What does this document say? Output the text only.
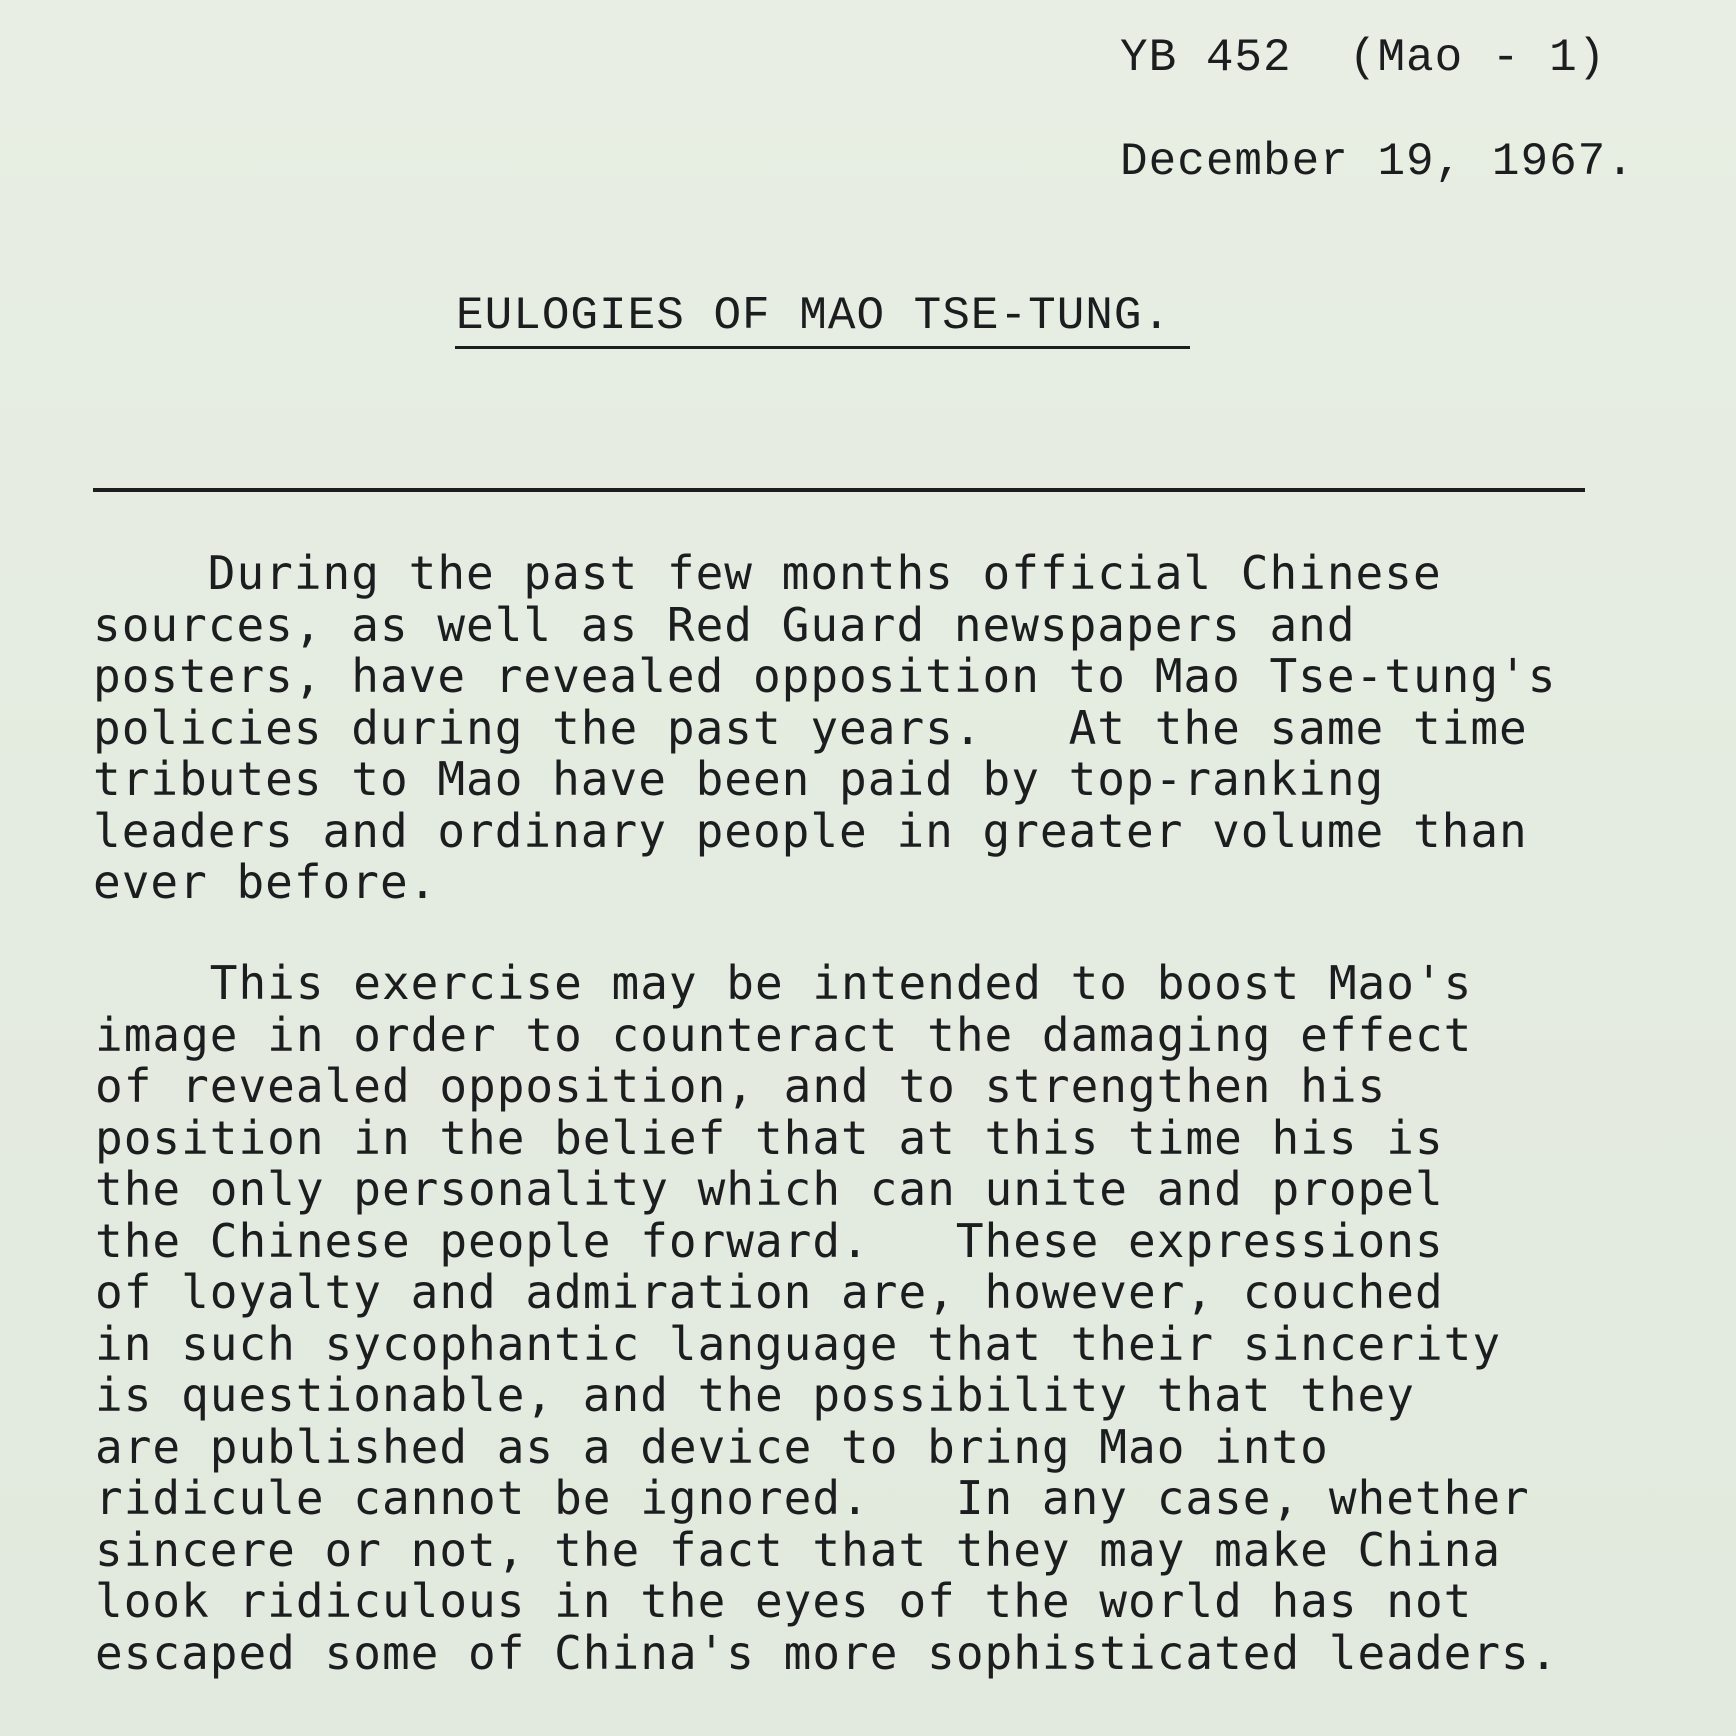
YB 452  (Mao - 1)
December 19, 1967.
EULOGIES OF MAO TSE-TUNG.
During the past few months official Chinese
sources, as well as Red Guard newspapers and
posters, have revealed opposition to Mao Tse-tung's
policies during the past years.   At the same time
tributes to Mao have been paid by top-ranking
leaders and ordinary people in greater volume than
ever before.
This exercise may be intended to boost Mao's
image in order to counteract the damaging effect
of revealed opposition, and to strengthen his
position in the belief that at this time his is
the only personality which can unite and propel
the Chinese people forward.   These expressions
of loyalty and admiration are, however, couched
in such sycophantic language that their sincerity
is questionable, and the possibility that they
are published as a device to bring Mao into
ridicule cannot be ignored.   In any case, whether
sincere or not, the fact that they may make China
look ridiculous in the eyes of the world has not
escaped some of China's more sophisticated leaders.
